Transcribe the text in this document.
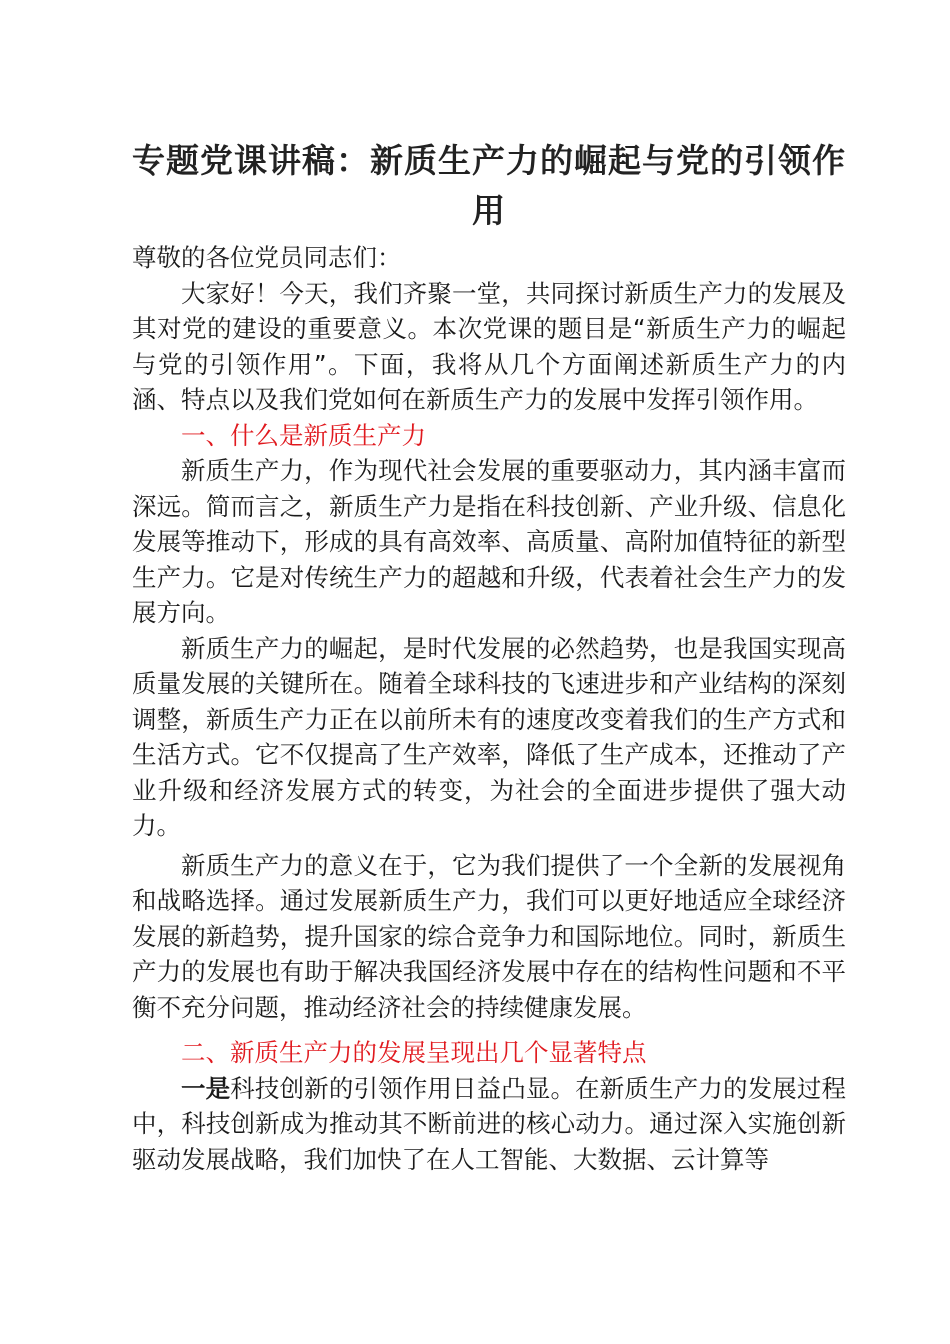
专题党课讲稿：新质生产力的崛起与党的引领作用

尊敬的各位党员同志们：

大家好！今天，我们齐聚一堂，共同探讨新质生产力的发展及其对党的建设的重要意义。本次党课的题目是“新质生产力的崛起与党的引领作用”。下面，我将从几个方面阐述新质生产力的内涵、特点以及我们党如何在新质生产力的发展中发挥引领作用。

一、什么是新质生产力

新质生产力，作为现代社会发展的重要驱动力，其内涵丰富而深远。简而言之，新质生产力是指在科技创新、产业升级、信息化发展等推动下，形成的具有高效率、高质量、高附加值特征的新型生产力。它是对传统生产力的超越和升级，代表着社会生产力的发展方向。

新质生产力的崛起，是时代发展的必然趋势，也是我国实现高质量发展的关键所在。随着全球科技的飞速进步和产业结构的深刻调整，新质生产力正在以前所未有的速度改变着我们的生产方式和生活方式。它不仅提高了生产效率，降低了生产成本，还推动了产业升级和经济发展方式的转变，为社会的全面进步提供了强大动力。

新质生产力的意义在于，它为我们提供了一个全新的发展视角和战略选择。通过发展新质生产力，我们可以更好地适应全球经济发展的新趋势，提升国家的综合竞争力和国际地位。同时，新质生产力的发展也有助于解决我国经济发展中存在的结构性问题和不平衡不充分问题，推动经济社会的持续健康发展。

二、新质生产力的发展呈现出几个显著特点

一是科技创新的引领作用日益凸显。在新质生产力的发展过程中，科技创新成为推动其不断前进的核心动力。通过深入实施创新驱动发展战略，我们加快了在人工智能、大数据、云计算等
